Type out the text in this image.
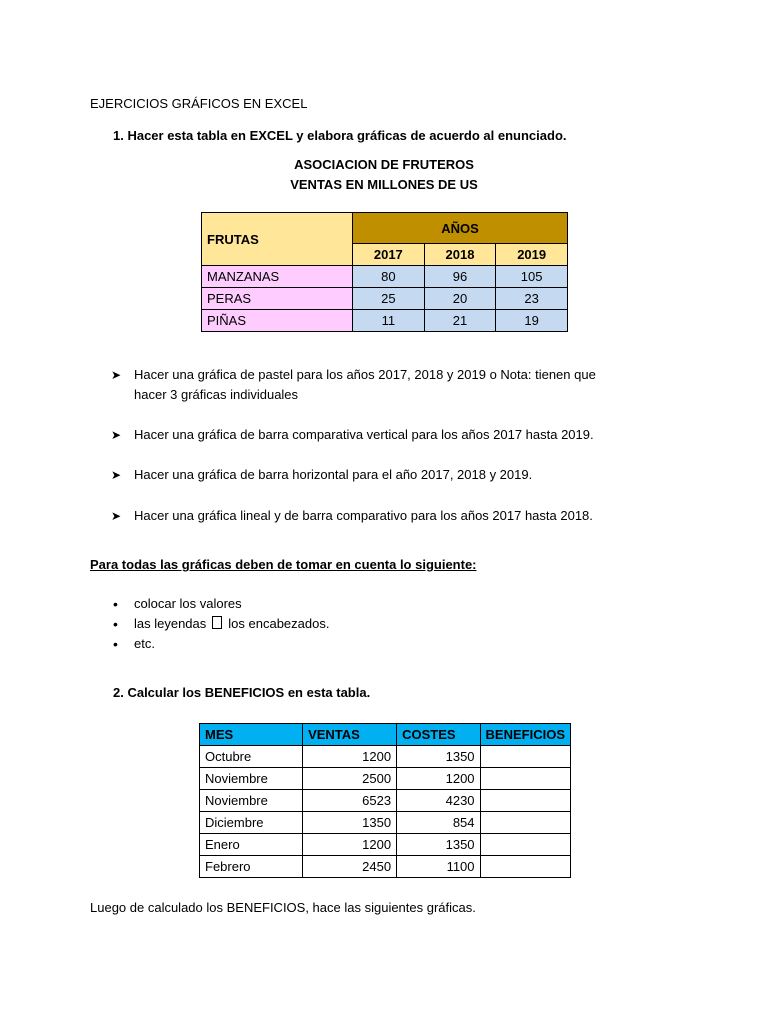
EJERCICIOS GRÁFICOS EN EXCEL

1. Hacer esta tabla en EXCEL y elabora gráficas de acuerdo al enunciado.

ASOCIACION DE FRUTEROS

VENTAS EN MILLONES DE US

FRUTAS	AÑOS		
	2017	2018	2019
MANZANAS	80	96	105
PERAS	25	20	23
PIÑAS	11	21	19
➤ Hacer una gráfica de pastel para los años 2017, 2018 y 2019 o Nota: tienen que

hacer 3 gráficas individuales

➤ Hacer una gráfica de barra comparativa vertical para los años 2017 hasta 2019.

➤ Hacer una gráfica de barra horizontal para el año 2017, 2018 y 2019.

➤ Hacer una gráfica lineal y de barra comparativo para los años 2017 hasta 2018.

Para todas las gráficas deben de tomar en cuenta lo siguiente:

• colocar los valores

• las leyendas los encabezados.

• etc.

2. Calcular los BENEFICIOS en esta tabla.

MES	VENTAS	COSTES	BENEFICIOS
Octubre	1200	1350	
Noviembre	2500	1200	
Noviembre	6523	4230	
Diciembre	1350	854	
Enero	1200	1350	
Febrero	2450	1100	

Luego de calculado los BENEFICIOS, hace las siguientes gráficas.
